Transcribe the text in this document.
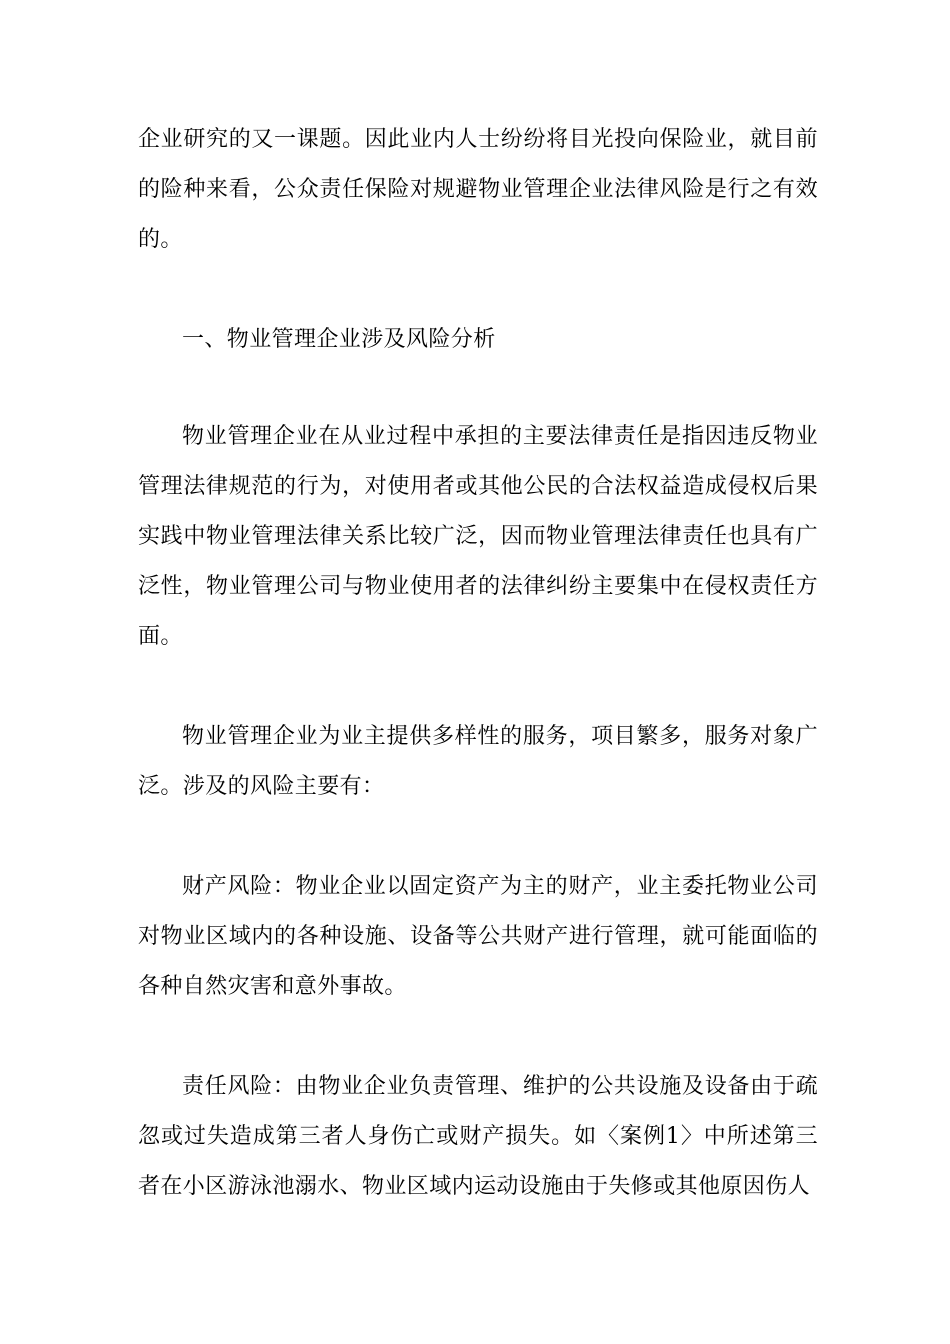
企业研究的又一课题。因此业内人士纷纷将目光投向保险业，就目前的险种来看，公众责任保险对规避物业管理企业法律风险是行之有效的。

一、物业管理企业涉及风险分析

物业管理企业在从业过程中承担的主要法律责任是指因违反物业管理法律规范的行为，对使用者或其他公民的合法权益造成侵权后果实践中物业管理法律关系比较广泛，因而物业管理法律责任也具有广泛性，物业管理公司与物业使用者的法律纠纷主要集中在侵权责任方面。

物业管理企业为业主提供多样性的服务，项目繁多，服务对象广泛。涉及的风险主要有：

财产风险：物业企业以固定资产为主的财产，业主委托物业公司对物业区域内的各种设施、设备等公共财产进行管理，就可能面临的各种自然灾害和意外事故。

责任风险：由物业企业负责管理、维护的公共设施及设备由于疏忽或过失造成第三者人身伤亡或财产损失。如〈案例1〉中所述第三者在小区游泳池溺水、物业区域内运动设施由于失修或其他原因伤人
